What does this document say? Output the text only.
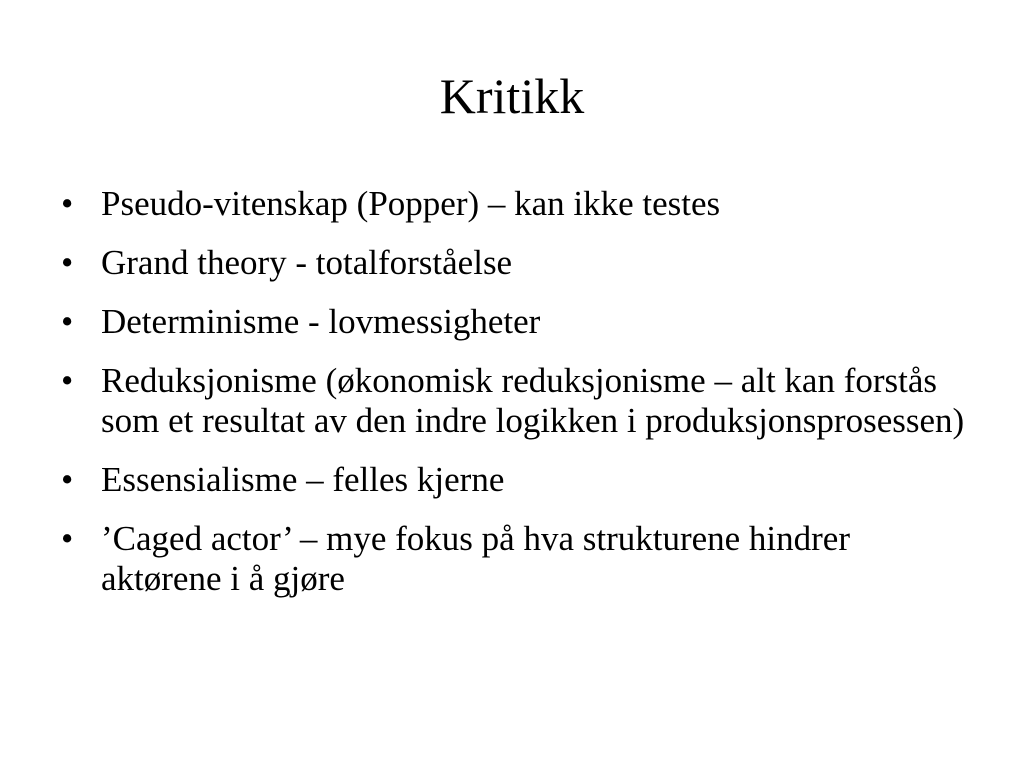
Kritikk
• Pseudo-vitenskap (Popper) – kan ikke testes
• Grand theory - totalforståelse
• Determinisme - lovmessigheter
• Reduksjonisme (økonomisk reduksjonisme – alt kan forstås som et resultat av den indre logikken i produksjonsprosessen)
• Essensialisme – felles kjerne
• ’Caged actor’ – mye fokus på hva strukturene hindrer aktørene i å gjøre
